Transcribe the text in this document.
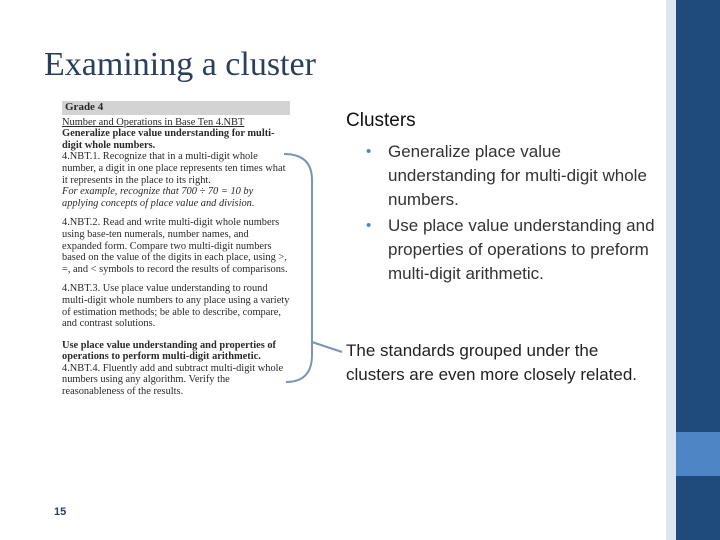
Examining a cluster
Grade 4
Number and Operations in Base Ten 4.NBT
Generalize place value understanding for multi-digit whole numbers.
4.NBT.1. Recognize that in a multi-digit whole number, a digit in one place represents ten times what it represents in the place to its right.
For example, recognize that 700 ÷ 70 = 10 by applying concepts of place value and division.
4.NBT.2. Read and write multi-digit whole numbers using base-ten numerals, number names, and expanded form. Compare two multi-digit numbers based on the value of the digits in each place, using >, =, and < symbols to record the results of comparisons.
4.NBT.3. Use place value understanding to round multi-digit whole numbers to any place using a variety of estimation methods; be able to describe, compare, and contrast solutions.
Use place value understanding and properties of operations to perform multi-digit arithmetic.
4.NBT.4. Fluently add and subtract multi-digit whole numbers using any algorithm. Verify the reasonableness of the results.
Clusters
• Generalize place value understanding for multi-digit whole numbers.
• Use place value understanding and properties of operations to preform multi-digit arithmetic.
The standards grouped under the clusters are even more closely related.
15
